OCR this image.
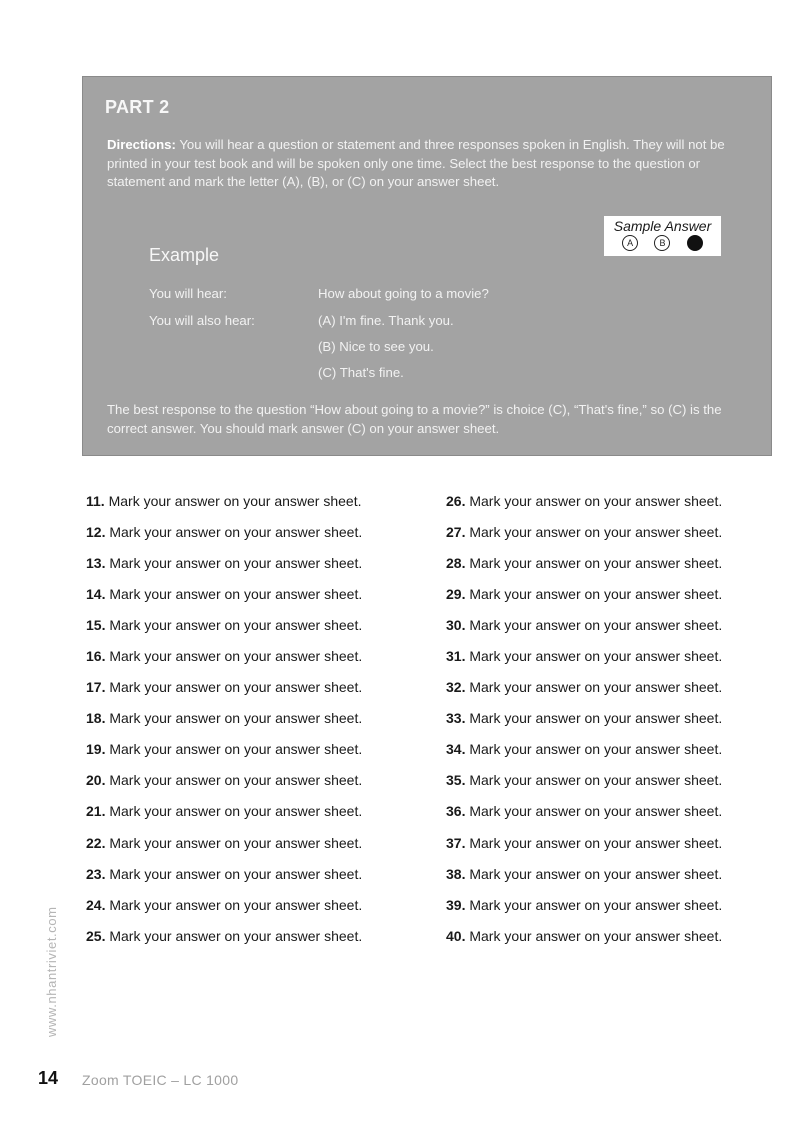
PART 2

Directions: You will hear a question or statement and three responses spoken in English. They will not be printed in your test book and will be spoken only one time. Select the best response to the question or statement and mark the letter (A), (B), or (C) on your answer sheet.

Sample Answer
A	B
Example
You will hear:	How about going to a movie?
You will also hear:	(A) I'm fine. Thank you.
(B) Nice to see you.
(C) That's fine.

The best response to the question “How about going to a movie?” is choice (C), “That's fine,” so (C) is the correct answer. You should mark answer (C) on your answer sheet.

11. Mark your answer on your answer sheet.
12. Mark your answer on your answer sheet.
13. Mark your answer on your answer sheet.
14. Mark your answer on your answer sheet.
15. Mark your answer on your answer sheet.
16. Mark your answer on your answer sheet.
17. Mark your answer on your answer sheet.
18. Mark your answer on your answer sheet.
19. Mark your answer on your answer sheet.
20. Mark your answer on your answer sheet.
21. Mark your answer on your answer sheet.
22. Mark your answer on your answer sheet.
23. Mark your answer on your answer sheet.
24. Mark your answer on your answer sheet.
25. Mark your answer on your answer sheet.
26. Mark your answer on your answer sheet.
27. Mark your answer on your answer sheet.
28. Mark your answer on your answer sheet.
29. Mark your answer on your answer sheet.
30. Mark your answer on your answer sheet.
31. Mark your answer on your answer sheet.
32. Mark your answer on your answer sheet.
33. Mark your answer on your answer sheet.
34. Mark your answer on your answer sheet.
35. Mark your answer on your answer sheet.
36. Mark your answer on your answer sheet.
37. Mark your answer on your answer sheet.
38. Mark your answer on your answer sheet.
39. Mark your answer on your answer sheet.
40. Mark your answer on your answer sheet.
www.nhantriviet.com
14 Zoom TOEIC – LC 1000
